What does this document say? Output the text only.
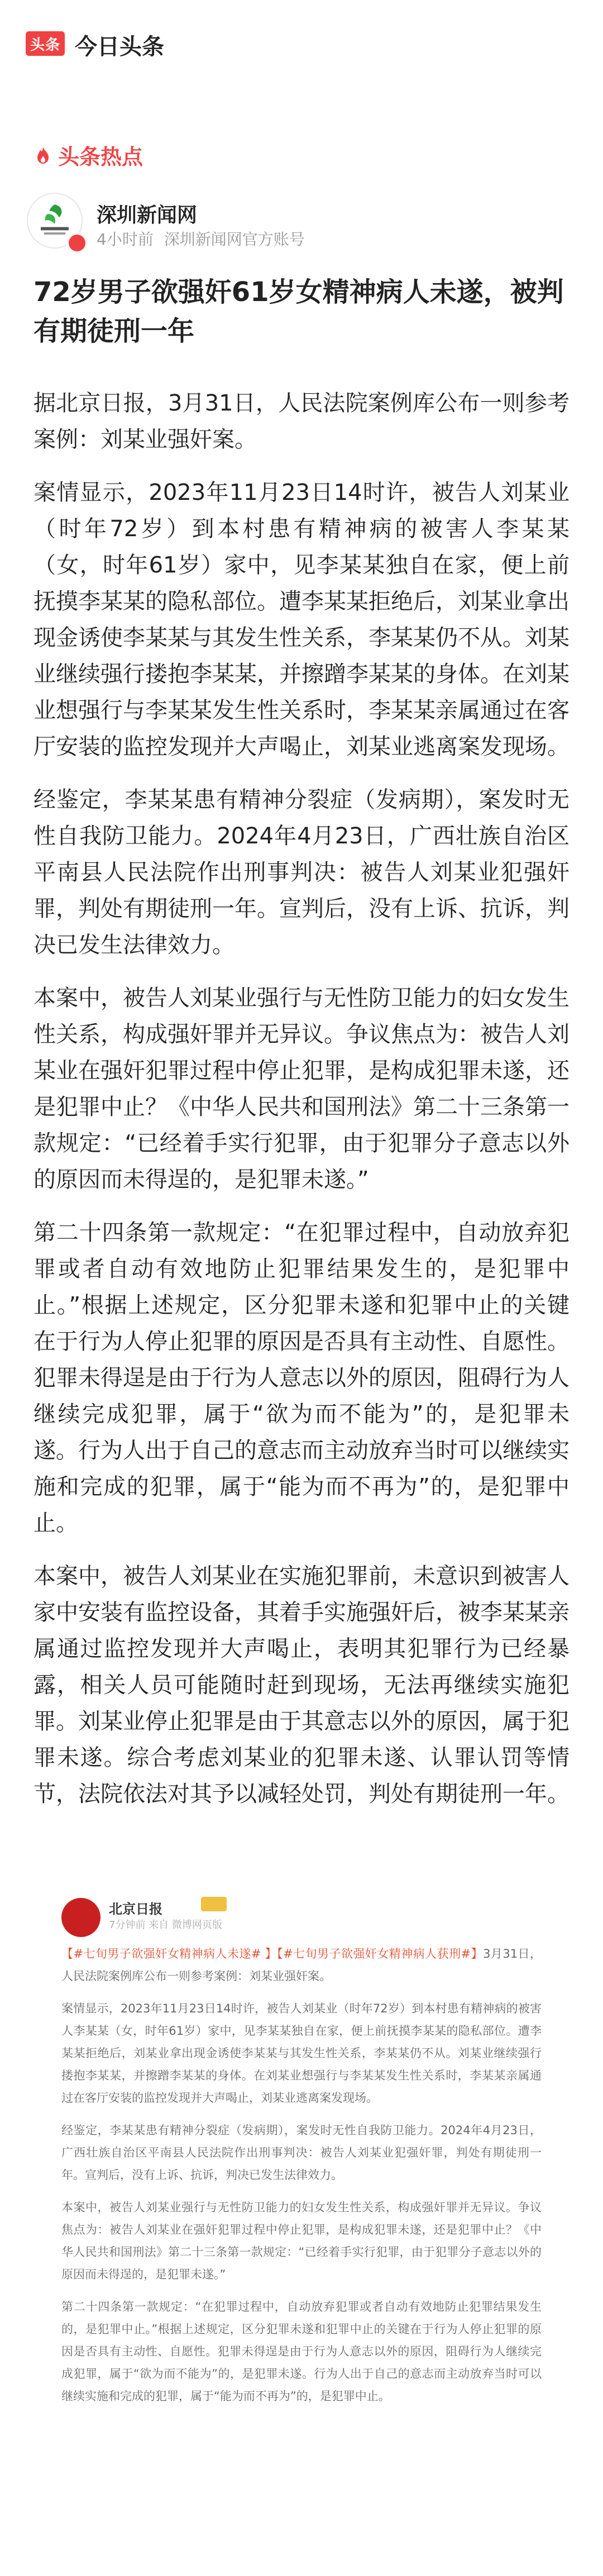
头条 今日头条
头条热点
深圳新闻网
4小时前 深圳新闻网官方账号
72岁男子欲强奸61岁女精神病人未遂，被判有期徒刑一年

据北京日报，3月31日，人民法院案例库公布一则参考案例：刘某业强奸案。

案情显示，2023年11月23日14时许，被告人刘某业（时年72岁）到本村患有精神病的被害人李某某（女，时年61岁）家中，见李某某独自在家，便上前抚摸李某某的隐私部位。遭李某某拒绝后，刘某业拿出现金诱使李某某与其发生性关系，李某某仍不从。刘某业继续强行搂抱李某某，并擦蹭李某某的身体。在刘某业想强行与李某某发生性关系时，李某某亲属通过在客厅安装的监控发现并大声喝止，刘某业逃离案发现场。

经鉴定，李某某患有精神分裂症（发病期），案发时无性自我防卫能力。2024年4月23日，广西壮族自治区平南县人民法院作出刑事判决：被告人刘某业犯强奸罪，判处有期徒刑一年。宣判后，没有上诉、抗诉，判决已发生法律效力。

本案中，被告人刘某业强行与无性防卫能力的妇女发生性关系，构成强奸罪并无异议。争议焦点为：被告人刘某业在强奸犯罪过程中停止犯罪，是构成犯罪未遂，还是犯罪中止？《中华人民共和国刑法》第二十三条第一款规定：“已经着手实行犯罪，由于犯罪分子意志以外的原因而未得逞的，是犯罪未遂。”

第二十四条第一款规定：“在犯罪过程中，自动放弃犯罪或者自动有效地防止犯罪结果发生的，是犯罪中止。”根据上述规定，区分犯罪未遂和犯罪中止的关键在于行为人停止犯罪的原因是否具有主动性、自愿性。犯罪未得逞是由于行为人意志以外的原因，阻碍行为人继续完成犯罪，属于“欲为而不能为”的，是犯罪未遂。行为人出于自己的意志而主动放弃当时可以继续实施和完成的犯罪，属于“能为而不再为”的，是犯罪中止。

本案中，被告人刘某业在实施犯罪前，未意识到被害人家中安装有监控设备，其着手实施强奸后，被李某某亲属通过监控发现并大声喝止，表明其犯罪行为已经暴露，相关人员可能随时赶到现场，无法再继续实施犯罪。刘某业停止犯罪是由于其意志以外的原因，属于犯罪未遂。综合考虑刘某业的犯罪未遂、认罪认罚等情节，法院依法对其予以减轻处罚，判处有期徒刑一年。

北京日报
7分钟前 来自 微博网页版

【#七旬男子欲强奸女精神病人未遂# 】【#七旬男子欲强奸女精神病人获刑#】3月31日，人民法院案例库公布一则参考案例：刘某业强奸案。

案情显示，2023年11月23日14时许，被告人刘某业（时年72岁）到本村患有精神病的被害人李某某（女，时年61岁）家中，见李某某独自在家，便上前抚摸李某某的隐私部位。遭李某某拒绝后，刘某业拿出现金诱使李某某与其发生性关系，李某某仍不从。刘某业继续强行搂抱李某某，并擦蹭李某某的身体。在刘某业想强行与李某某发生性关系时，李某某亲属通过在客厅安装的监控发现并大声喝止，刘某业逃离案发现场。

经鉴定，李某某患有精神分裂症（发病期），案发时无性自我防卫能力。2024年4月23日，广西壮族自治区平南县人民法院作出刑事判决：被告人刘某业犯强奸罪，判处有期徒刑一年。宣判后，没有上诉、抗诉，判决已发生法律效力。

本案中，被告人刘某业强行与无性防卫能力的妇女发生性关系，构成强奸罪并无异议。争议焦点为：被告人刘某业在强奸犯罪过程中停止犯罪，是构成犯罪未遂，还是犯罪中止？《中华人民共和国刑法》第二十三条第一款规定：“已经着手实行犯罪，由于犯罪分子意志以外的原因而未得逞的，是犯罪未遂。”

第二十四条第一款规定：“在犯罪过程中，自动放弃犯罪或者自动有效地防止犯罪结果发生的，是犯罪中止。”根据上述规定，区分犯罪未遂和犯罪中止的关键在于行为人停止犯罪的原因是否具有主动性、自愿性。犯罪未得逞是由于行为人意志以外的原因，阻碍行为人继续完成犯罪，属于“欲为而不能为”的，是犯罪未遂。行为人出于自己的意志而主动放弃当时可以继续实施和完成的犯罪，属于“能为而不再为”的，是犯罪中止。
